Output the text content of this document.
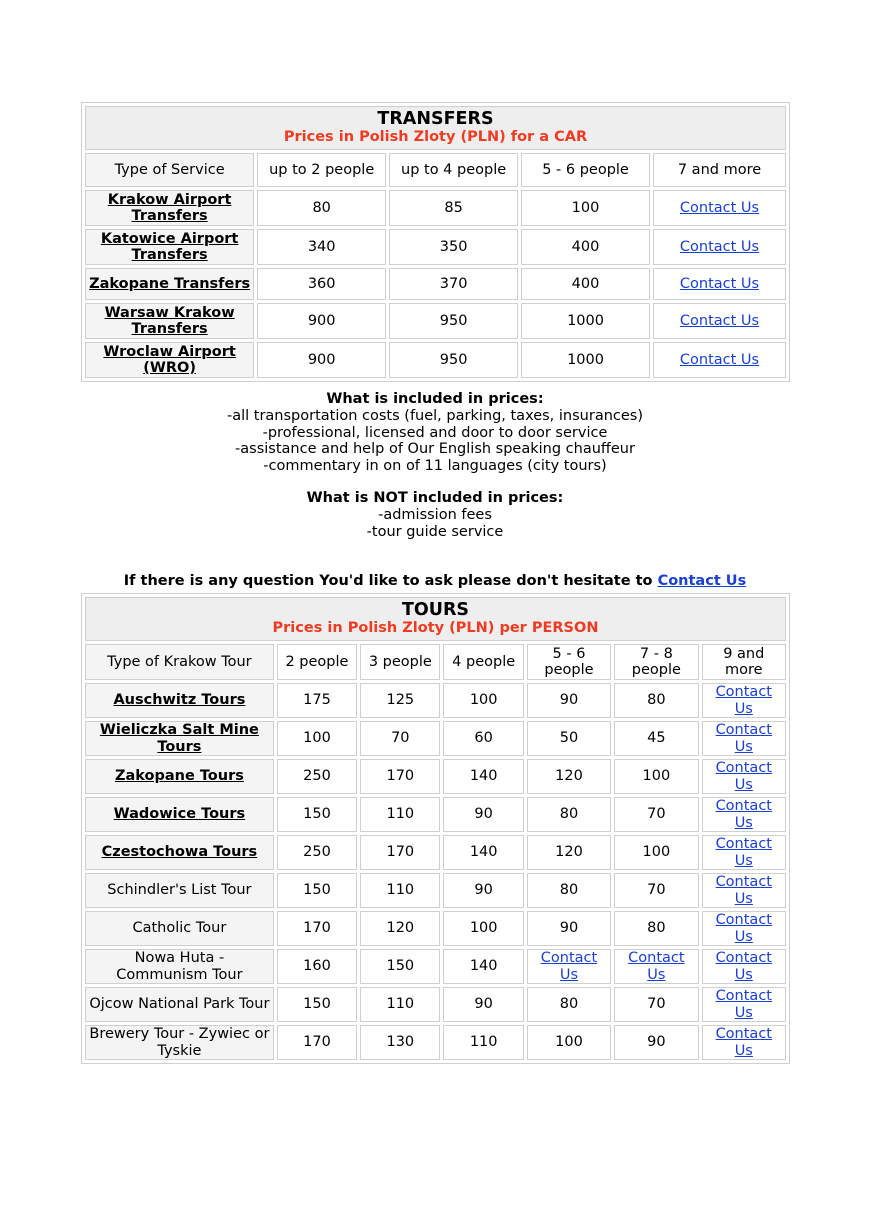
TRANSFERS
Prices in Polish Zloty (PLN) for a CAR				

Type of Service	up to 2 people	up to 4 people	5 - 6 people	7 and more
Krakow Airport Transfers	80	85	100	Contact Us
Katowice Airport Transfers	340	350	400	Contact Us
Zakopane Transfers	360	370	400	Contact Us
Warsaw Krakow Transfers	900	950	1000	Contact Us
Wroclaw Airport (WRO)	900	950	1000	Contact Us
What is included in prices:
-all transportation costs (fuel, parking, taxes, insurances)
-professional, licensed and door to door service
-assistance and help of Our English speaking chauffeur
-commentary in on of 11 languages (city tours)
What is NOT included in prices:
-admission fees
-tour guide service
If there is any question You'd like to ask please don't hesitate to Contact Us
TOURS
Prices in Polish Zloty (PLN) per PERSON						

Type of Krakow Tour	2 people	3 people	4 people	5 - 6 people	7 - 8 people	9 and more
Auschwitz Tours	175	125	100	90	80	Contact Us
Wieliczka Salt Mine Tours	100	70	60	50	45	Contact Us
Zakopane Tours	250	170	140	120	100	Contact Us
Wadowice Tours	150	110	90	80	70	Contact Us
Czestochowa Tours	250	170	140	120	100	Contact Us
Schindler's List Tour	150	110	90	80	70	Contact Us
Catholic Tour	170	120	100	90	80	Contact Us
Nowa Huta - Communism Tour	160	150	140	Contact Us	Contact Us	Contact Us
Ojcow National Park Tour	150	110	90	80	70	Contact Us
Brewery Tour - Zywiec or Tyskie	170	130	110	100	90	Contact Us
